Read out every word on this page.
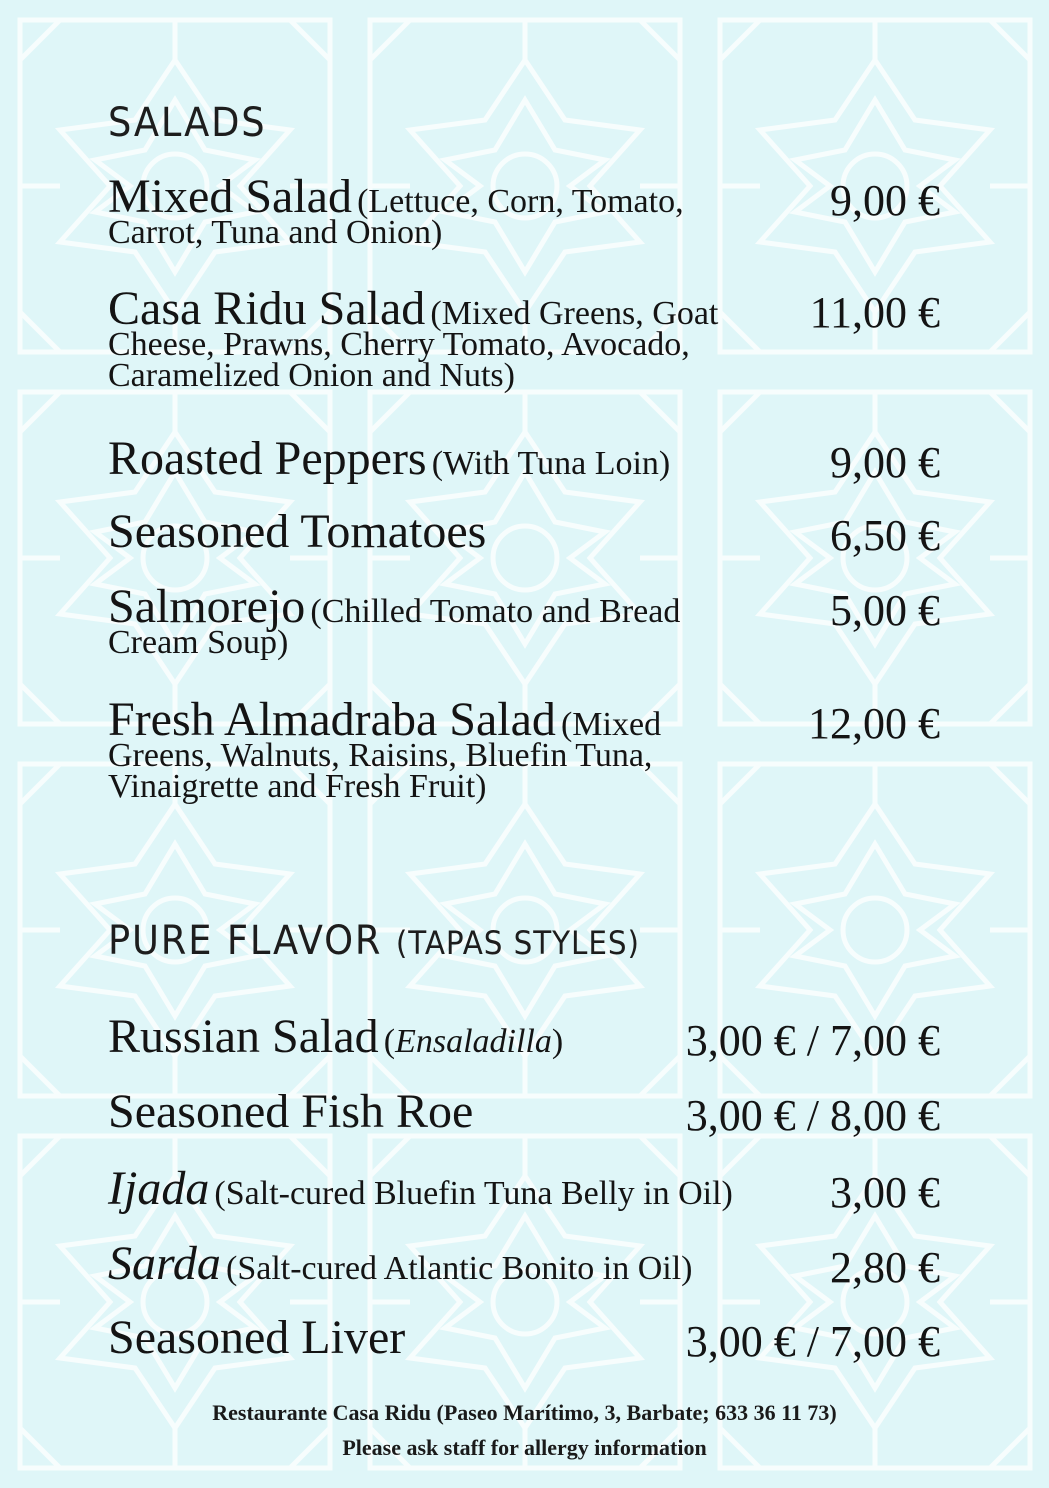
SALADS
Mixed Salad (Lettuce, Corn, Tomato, Carrot, Tuna and Onion)
9,00 €
Casa Ridu Salad (Mixed Greens, Goat Cheese, Prawns, Cherry Tomato, Avocado, Caramelized Onion and Nuts)
11,00 €
Roasted Peppers (With Tuna Loin)	9,00 €
Seasoned Tomatoes	6,50 €
Salmorejo (Chilled Tomato and Bread Cream Soup)
5,00 €
Fresh Almadraba Salad (Mixed Greens, Walnuts, Raisins, Bluefin Tuna, Vinaigrette and Fresh Fruit)
12,00 €
PURE FLAVOR (TAPAS STYLES)
Russian Salad (Ensaladilla)	3,00 € / 7,00 €
Seasoned Fish Roe	3,00 € / 8,00 €
Ijada (Salt-cured Bluefin Tuna Belly in Oil)	3,00 €
Sarda (Salt-cured Atlantic Bonito in Oil)	2,80 €
Seasoned Liver	3,00 € / 7,00 €
Restaurante Casa Ridu (Paseo Marítimo, 3, Barbate; 633 36 11 73)
Please ask staff for allergy information
